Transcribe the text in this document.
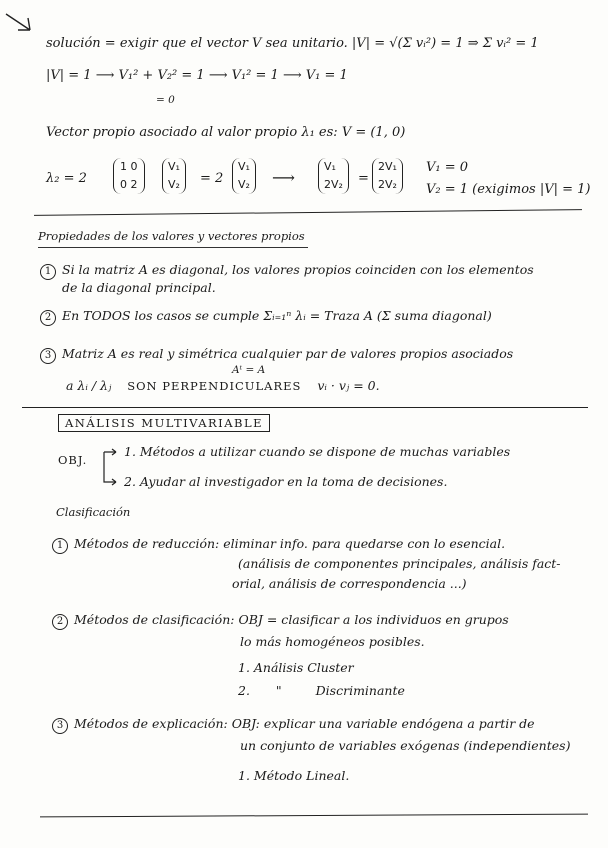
solución = exigir que el vector V sea unitario. |V| = √(Σ vᵢ²) = 1 ⇒ Σ vᵢ² = 1
|V| = 1 ⟶ V₁² + V₂² = 1 ⟶ V₁² = 1 ⟶ V₁ = 1
= 0
Vector propio asociado al valor propio λ₁ es: V = (1, 0)
λ₂ = 2
1 0
0 2
V₁
V₂ = 2
V₁
V₂ ⟶
V₁
2V₂ =
2V₁
2V₂
V₁ = 0
V₂ = 1 (exigimos |V| = 1)
Propiedades de los valores y vectores propios
1 Si la matriz A es diagonal, los valores propios coinciden con los elementos
de la diagonal principal.
2 En TODOS los casos se cumple Σᵢ₌₁ⁿ λᵢ = Traza A (Σ suma diagonal)
3 Matriz A es real y simétrica cualquier par de valores propios asociados
Aᵗ = A
a λᵢ / λⱼ SON PERPENDICULARES vᵢ · vⱼ = 0.
ANÁLISIS MULTIVARIABLE
OBJ.
1. Métodos a utilizar cuando se dispone de muchas variables
2. Ayudar al investigador en la toma de decisiones.
Clasificación
1 Métodos de reducción: eliminar info. para quedarse con lo esencial.
(análisis de componentes principales, análisis fact-
orial, análisis de correspondencia ...)
2 Métodos de clasificación: OBJ = clasificar a los individuos en grupos
lo más homogéneos posibles.
1. Análisis Cluster
2. "	Discriminante
3 Métodos de explicación: OBJ: explicar una variable endógena a partir de
un conjunto de variables exógenas (independientes)
1. Método Lineal.
